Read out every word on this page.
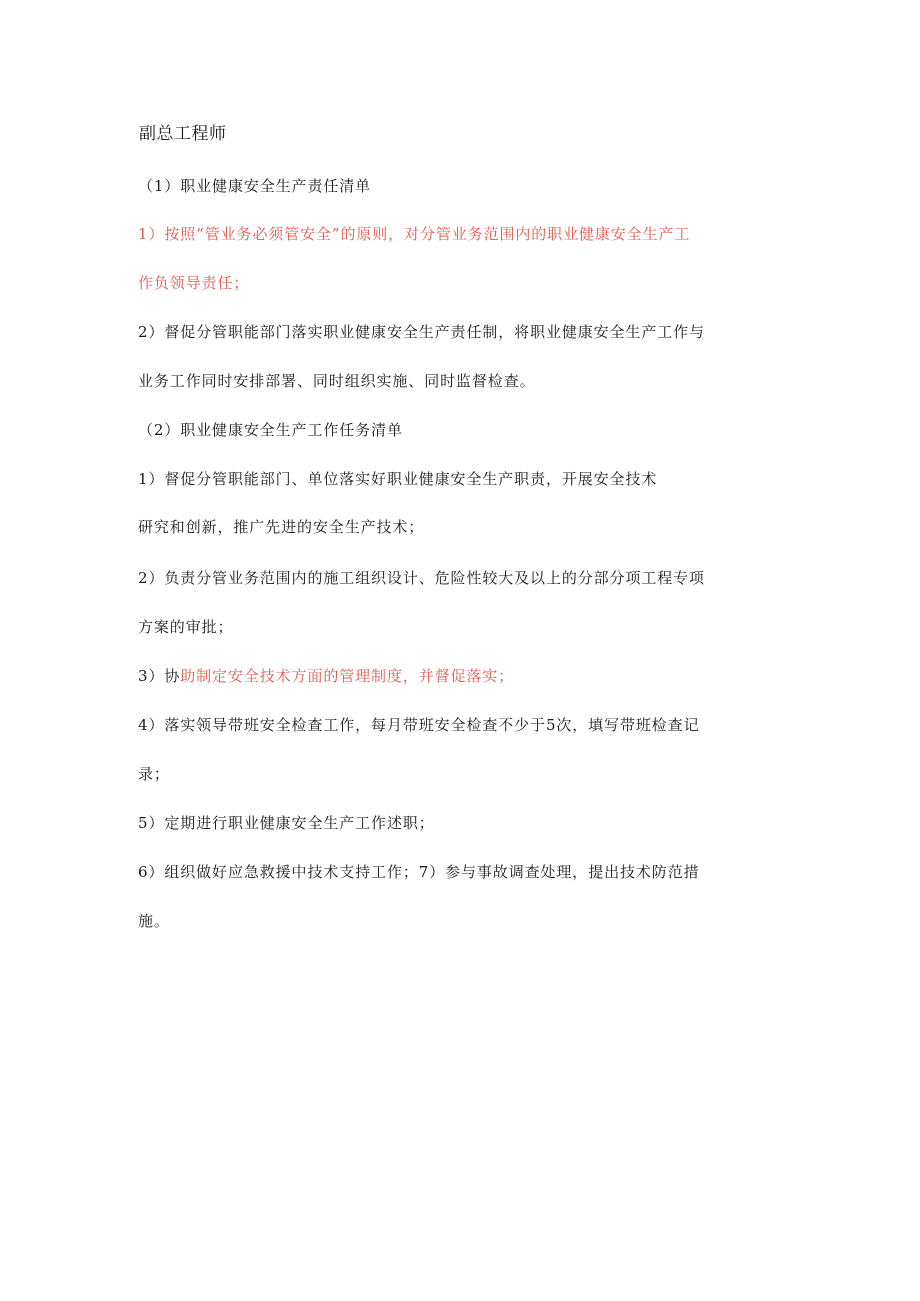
副总工程师
（1）职业健康安全生产责任清单
1）按照“管业务必须管安全”的原则，对分管业务范围内的职业健康安全生产工
作负领导责任；
2）督促分管职能部门落实职业健康安全生产责任制，将职业健康安全生产工作与
业务工作同时安排部署、同时组织实施、同时监督检查。
（2）职业健康安全生产工作任务清单
1）督促分管职能部门、单位落实好职业健康安全生产职责，开展安全技术
研究和创新，推广先进的安全生产技术；
2）负责分管业务范围内的施工组织设计、危险性较大及以上的分部分项工程专项
方案的审批；
3）协助制定安全技术方面的管理制度，并督促落实；
4）落实领导带班安全检查工作，每月带班安全检查不少于5次，填写带班检查记
录；
5）定期进行职业健康安全生产工作述职；
6）组织做好应急救援中技术支持工作；7）参与事故调查处理，提出技术防范措
施。
